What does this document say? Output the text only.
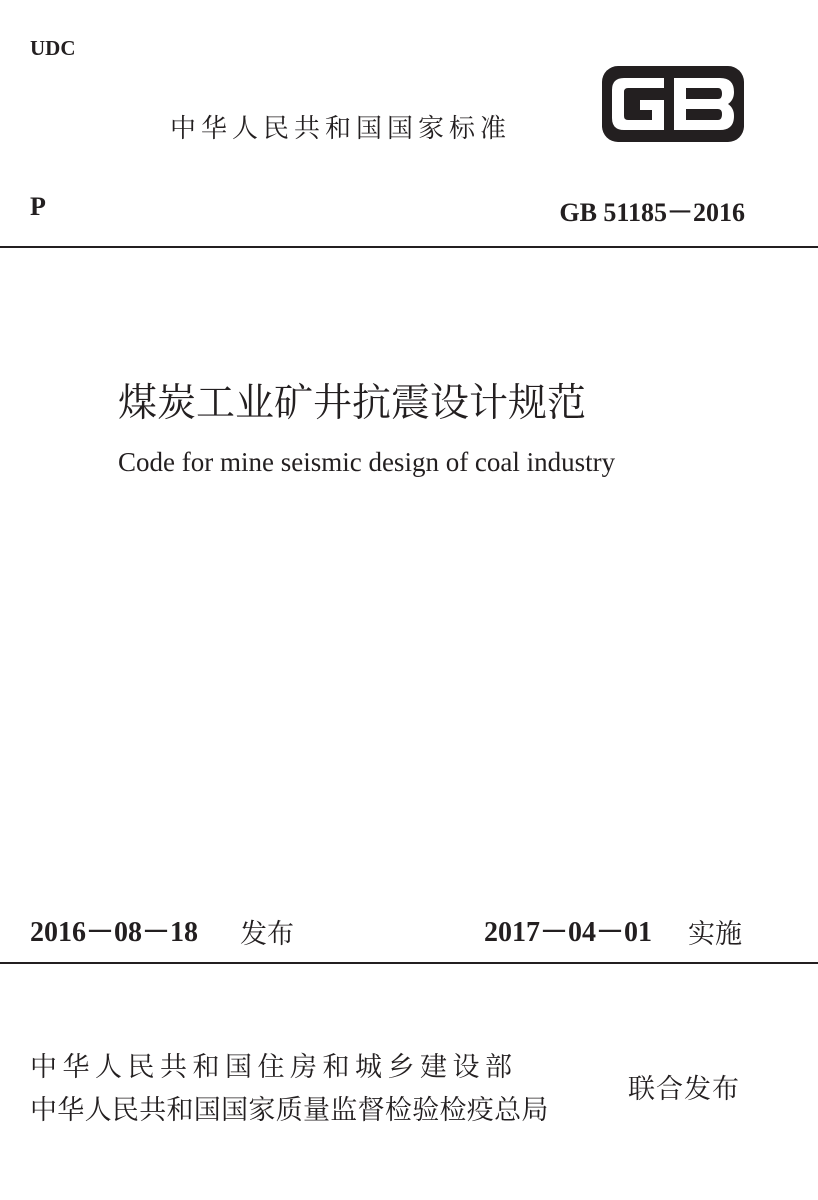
UDC
中华人民共和国国家标准
P	GB 51185－2016
煤炭工业矿井抗震设计规范
Code for mine seismic design of coal industry
2016－08－18 发布	2017－04－01 实施
中华人民共和国住房和城乡建设部
中华人民共和国国家质量监督检验检疫总局
联合发布
